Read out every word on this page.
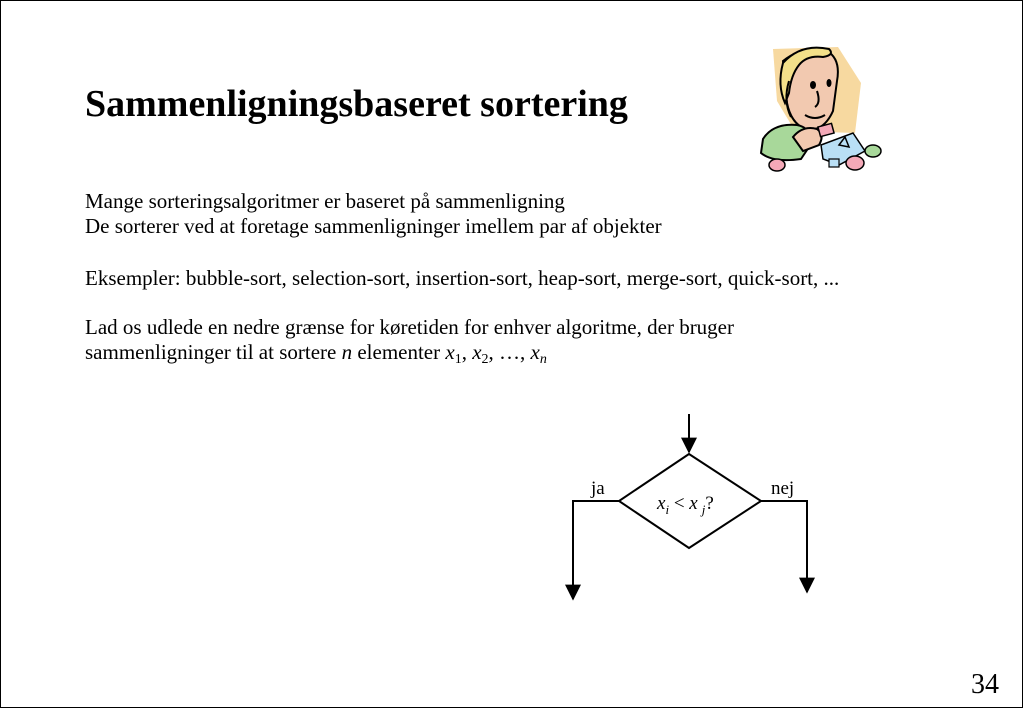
Sammenligningsbaseret sortering
Mange sorteringsalgoritmer er baseret på sammenligning
De sorterer ved at foretage sammenligninger imellem par af objekter
Eksempler: bubble-sort, selection-sort, insertion-sort, heap-sort, merge-sort, quick-sort, ...
Lad os udlede en nedre grænse for køretiden for enhver algoritme, der bruger
sammenligninger til at sortere n elementer $x_1$, $x_2$, …, $x_n$
ja	nej
$x_i < x$ $_j$?
34
